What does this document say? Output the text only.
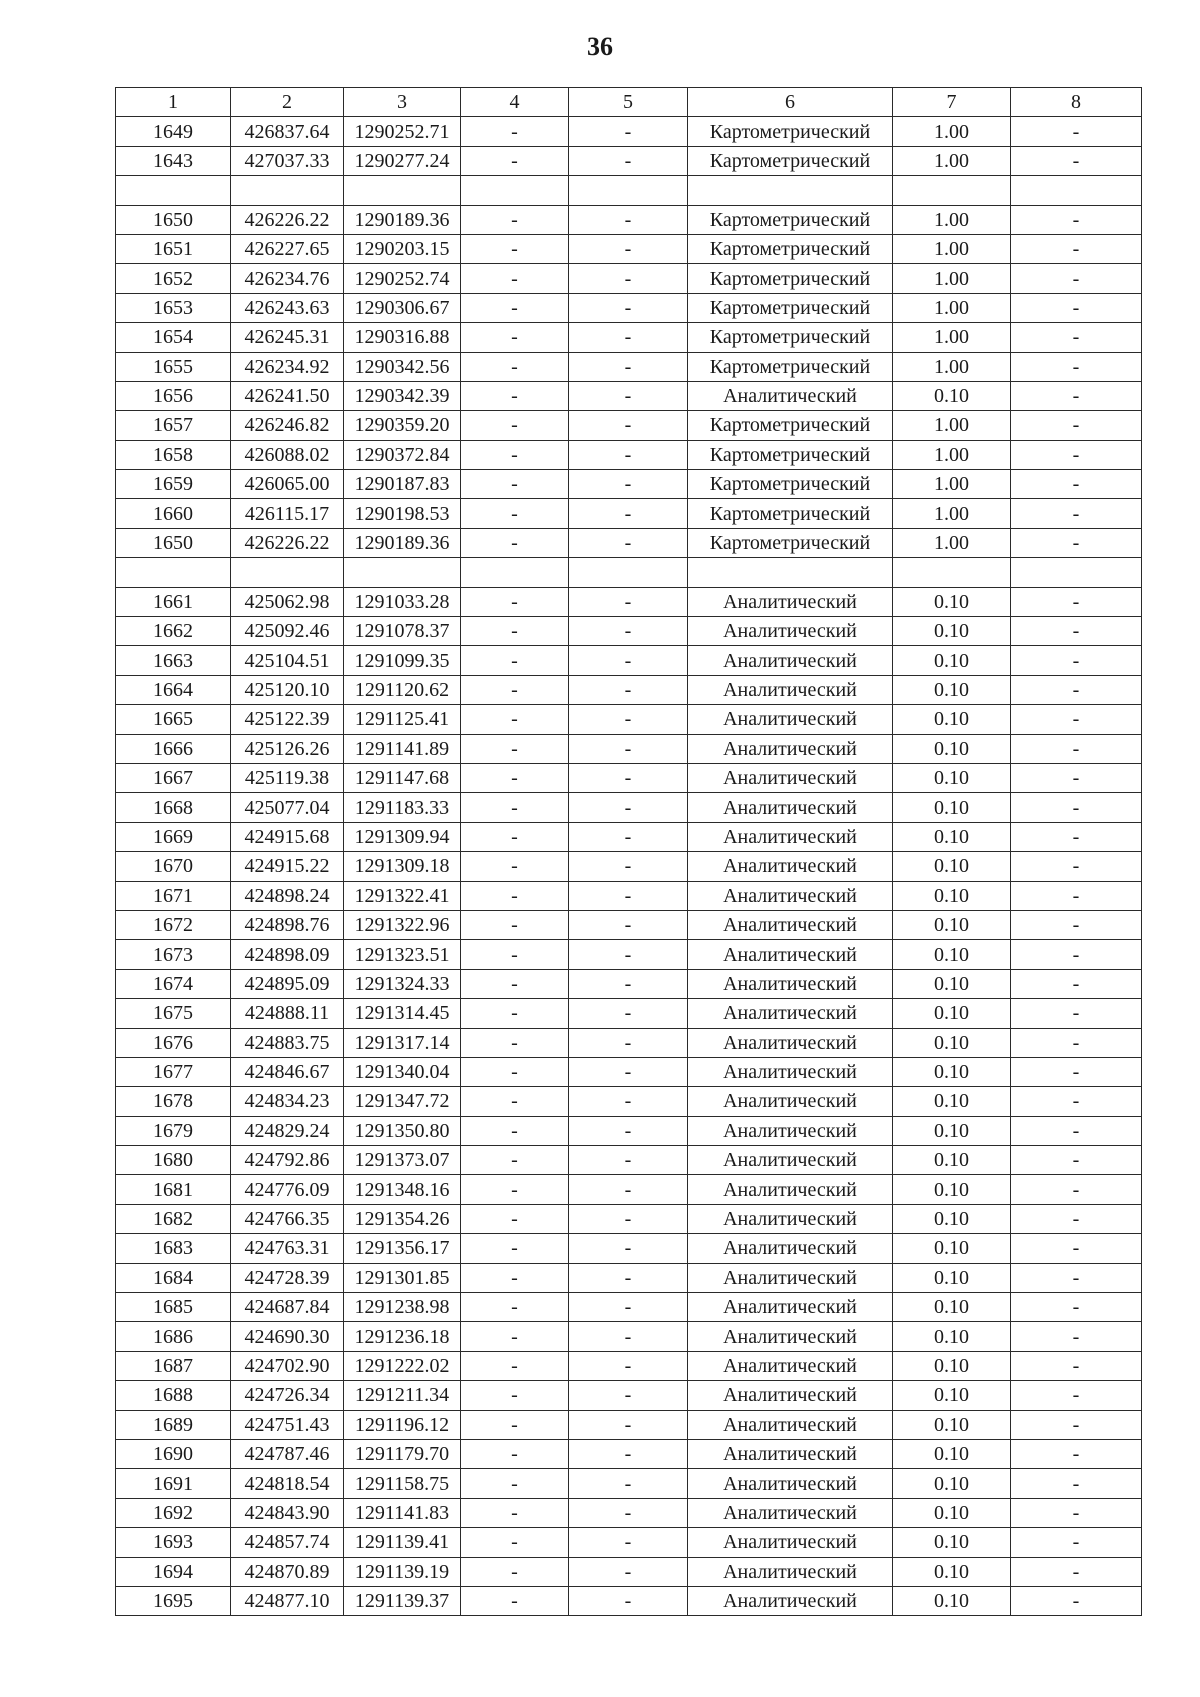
36
1	2	3	4	5	6	7	8
1649	426837.64	1290252.71	-	-	Картометрический	1.00	-
1643	427037.33	1290277.24	-	-	Картометрический	1.00	-

1650	426226.22	1290189.36	-	-	Картометрический	1.00	-
1651	426227.65	1290203.15	-	-	Картометрический	1.00	-
1652	426234.76	1290252.74	-	-	Картометрический	1.00	-
1653	426243.63	1290306.67	-	-	Картометрический	1.00	-
1654	426245.31	1290316.88	-	-	Картометрический	1.00	-
1655	426234.92	1290342.56	-	-	Картометрический	1.00	-
1656	426241.50	1290342.39	-	-	Аналитический	0.10	-
1657	426246.82	1290359.20	-	-	Картометрический	1.00	-
1658	426088.02	1290372.84	-	-	Картометрический	1.00	-
1659	426065.00	1290187.83	-	-	Картометрический	1.00	-
1660	426115.17	1290198.53	-	-	Картометрический	1.00	-
1650	426226.22	1290189.36	-	-	Картометрический	1.00	-

1661	425062.98	1291033.28	-	-	Аналитический	0.10	-
1662	425092.46	1291078.37	-	-	Аналитический	0.10	-
1663	425104.51	1291099.35	-	-	Аналитический	0.10	-
1664	425120.10	1291120.62	-	-	Аналитический	0.10	-
1665	425122.39	1291125.41	-	-	Аналитический	0.10	-
1666	425126.26	1291141.89	-	-	Аналитический	0.10	-
1667	425119.38	1291147.68	-	-	Аналитический	0.10	-
1668	425077.04	1291183.33	-	-	Аналитический	0.10	-
1669	424915.68	1291309.94	-	-	Аналитический	0.10	-
1670	424915.22	1291309.18	-	-	Аналитический	0.10	-
1671	424898.24	1291322.41	-	-	Аналитический	0.10	-
1672	424898.76	1291322.96	-	-	Аналитический	0.10	-
1673	424898.09	1291323.51	-	-	Аналитический	0.10	-
1674	424895.09	1291324.33	-	-	Аналитический	0.10	-
1675	424888.11	1291314.45	-	-	Аналитический	0.10	-
1676	424883.75	1291317.14	-	-	Аналитический	0.10	-
1677	424846.67	1291340.04	-	-	Аналитический	0.10	-
1678	424834.23	1291347.72	-	-	Аналитический	0.10	-
1679	424829.24	1291350.80	-	-	Аналитический	0.10	-
1680	424792.86	1291373.07	-	-	Аналитический	0.10	-
1681	424776.09	1291348.16	-	-	Аналитический	0.10	-
1682	424766.35	1291354.26	-	-	Аналитический	0.10	-
1683	424763.31	1291356.17	-	-	Аналитический	0.10	-
1684	424728.39	1291301.85	-	-	Аналитический	0.10	-
1685	424687.84	1291238.98	-	-	Аналитический	0.10	-
1686	424690.30	1291236.18	-	-	Аналитический	0.10	-
1687	424702.90	1291222.02	-	-	Аналитический	0.10	-
1688	424726.34	1291211.34	-	-	Аналитический	0.10	-
1689	424751.43	1291196.12	-	-	Аналитический	0.10	-
1690	424787.46	1291179.70	-	-	Аналитический	0.10	-
1691	424818.54	1291158.75	-	-	Аналитический	0.10	-
1692	424843.90	1291141.83	-	-	Аналитический	0.10	-
1693	424857.74	1291139.41	-	-	Аналитический	0.10	-
1694	424870.89	1291139.19	-	-	Аналитический	0.10	-
1695	424877.10	1291139.37	-	-	Аналитический	0.10	-
